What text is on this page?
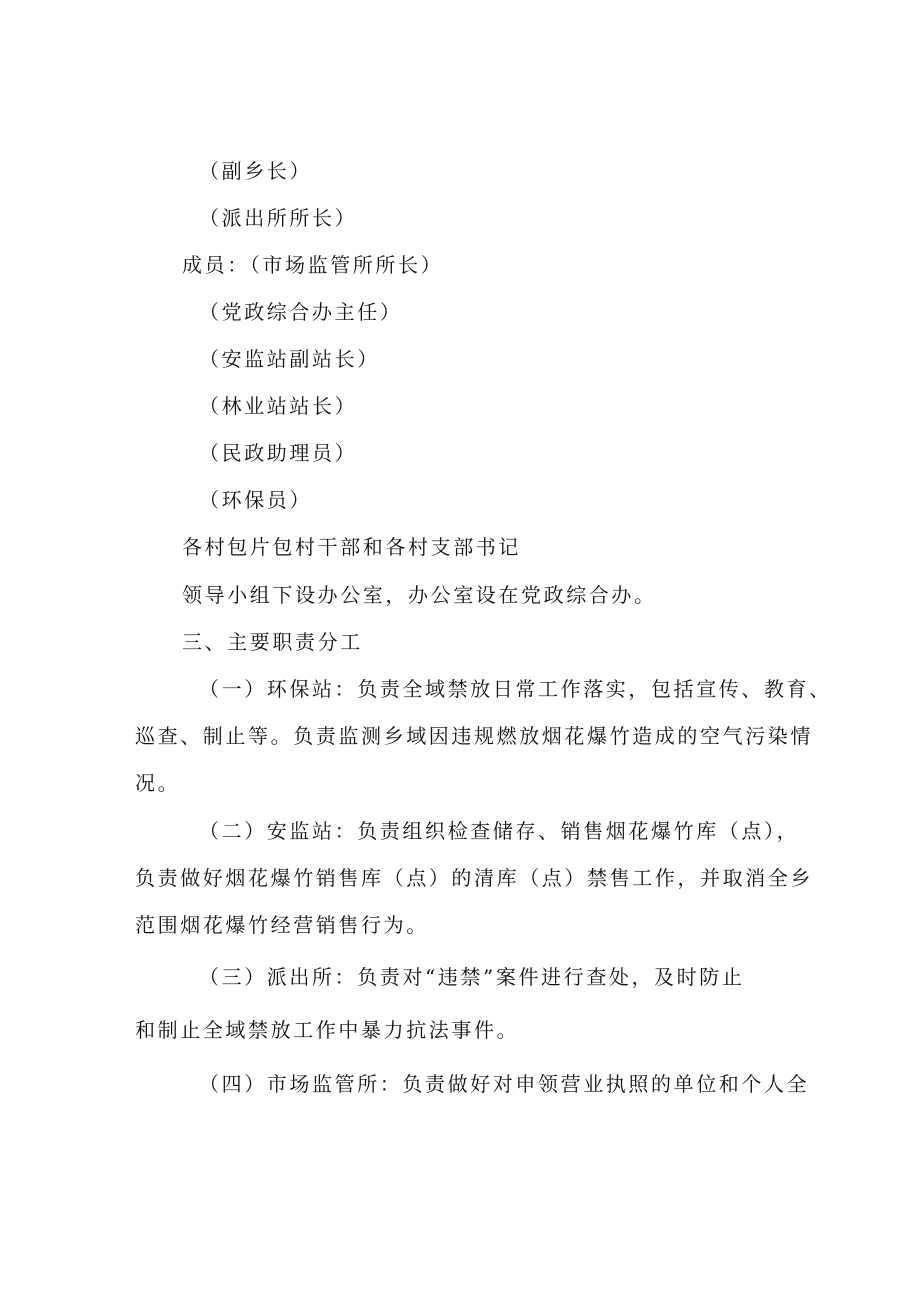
（副乡长）
（派出所所长）
成员：（市场监管所所长）
（党政综合办主任）
（安监站副站长）
（林业站站长）
（民政助理员）
（环保员）
各村包片包村干部和各村支部书记
领导小组下设办公室，办公室设在党政综合办。
三、主要职责分工
（一）环保站：负责全域禁放日常工作落实，包括宣传、教育、
巡查、制止等。负责监测乡域因违规燃放烟花爆竹造成的空气污染情
况。
（二）安监站：负责组织检查储存、销售烟花爆竹库（点），
负责做好烟花爆竹销售库（点）的清库（点）禁售工作，并取消全乡
范围烟花爆竹经营销售行为。
（三）派出所：负责对“违禁”案件进行查处，及时防止
和制止全域禁放工作中暴力抗法事件。
（四）市场监管所：负责做好对申领营业执照的单位和个人全
